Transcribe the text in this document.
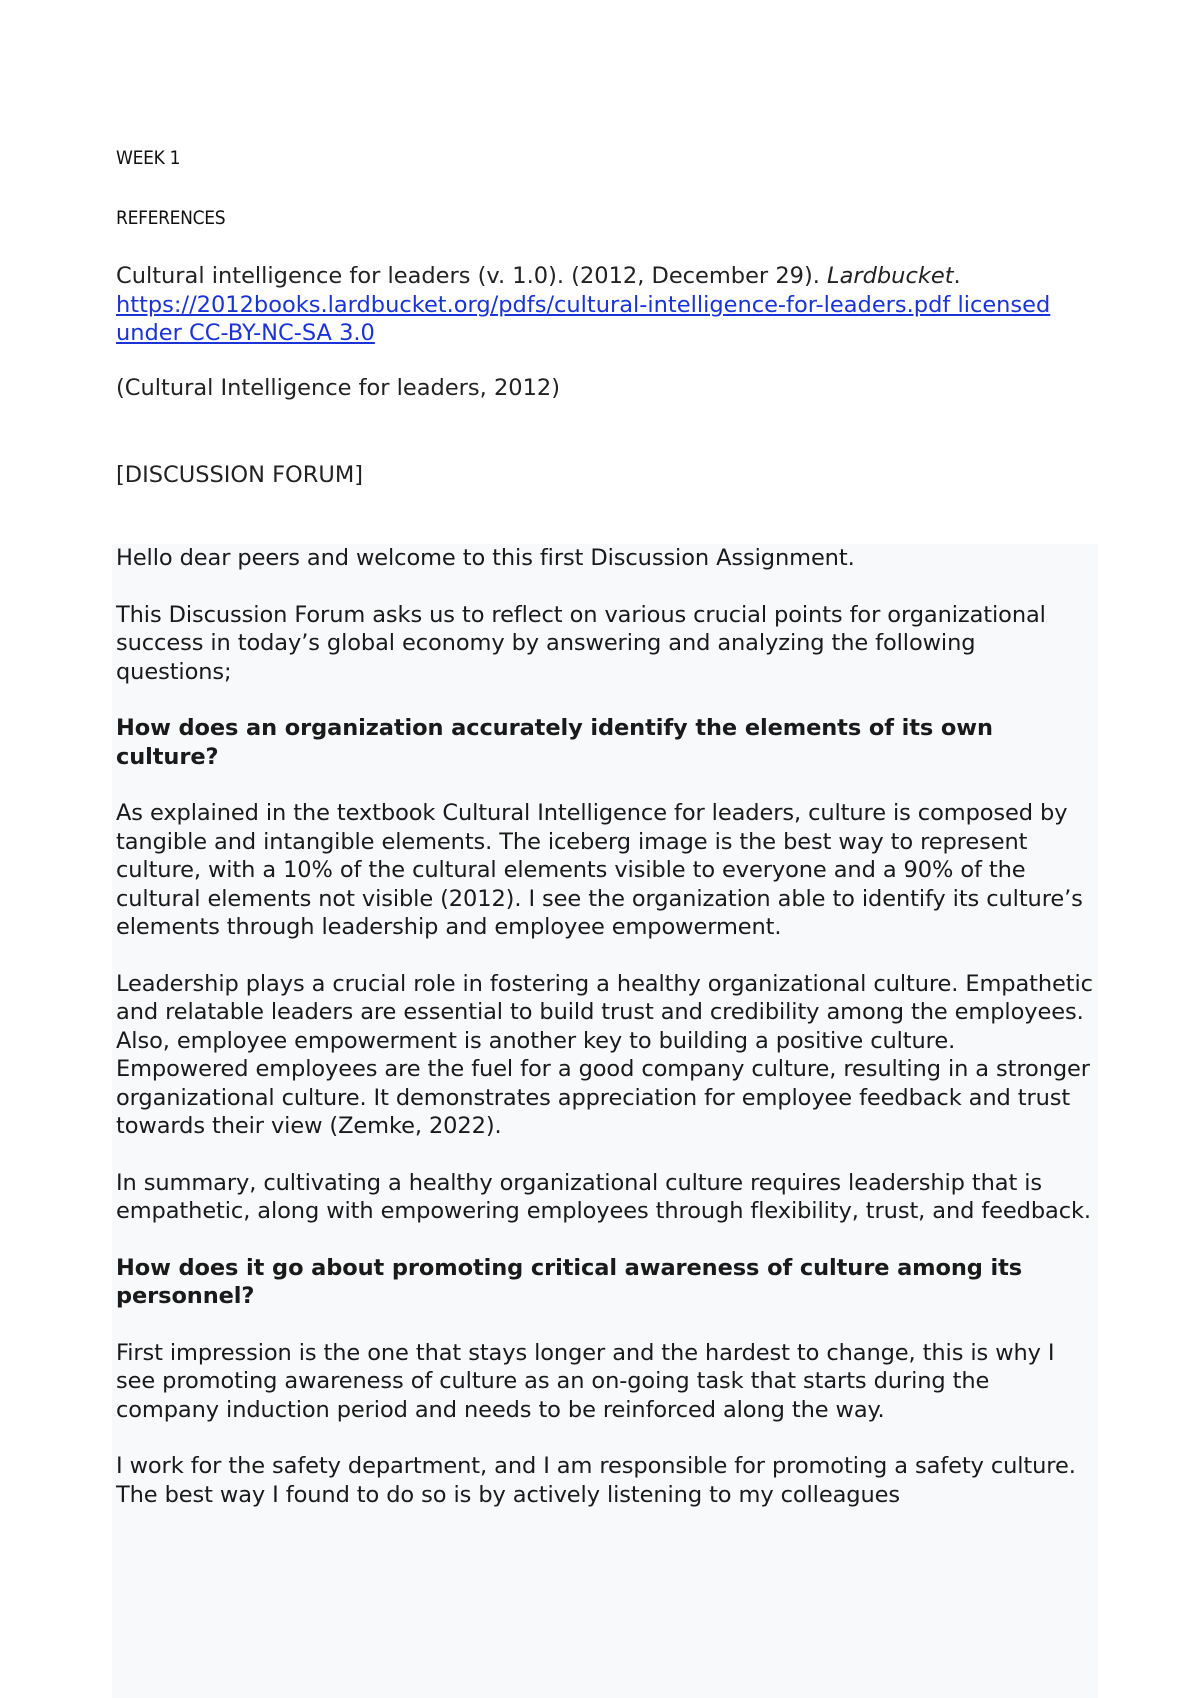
WEEK 1

REFERENCES

Cultural intelligence for leaders (v. 1.0). (2012, December 29). Lardbucket. https://2012books.lardbucket.org/pdfs/cultural-intelligence-for-leaders.pdf licensed under CC-BY-NC-SA 3.0

(Cultural Intelligence for leaders, 2012)

[DISCUSSION FORUM]

Hello dear peers and welcome to this first Discussion Assignment.

This Discussion Forum asks us to reflect on various crucial points for organizational success in today’s global economy by answering and analyzing the following questions;

How does an organization accurately identify the elements of its own culture?

As explained in the textbook Cultural Intelligence for leaders, culture is composed by tangible and intangible elements. The iceberg image is the best way to represent culture, with a 10% of the cultural elements visible to everyone and a 90% of the cultural elements not visible (2012). I see the organization able to identify its culture’s elements through leadership and employee empowerment.

Leadership plays a crucial role in fostering a healthy organizational culture. Empathetic and relatable leaders are essential to build trust and credibility among the employees. Also, employee empowerment is another key to building a positive culture. Empowered employees are the fuel for a good company culture, resulting in a stronger organizational culture. It demonstrates appreciation for employee feedback and trust towards their view (Zemke, 2022).

In summary, cultivating a healthy organizational culture requires leadership that is empathetic, along with empowering employees through flexibility, trust, and feedback.

How does it go about promoting critical awareness of culture among its personnel?

First impression is the one that stays longer and the hardest to change, this is why I see promoting awareness of culture as an on-going task that starts during the company induction period and needs to be reinforced along the way.

I work for the safety department, and I am responsible for promoting a safety culture. The best way I found to do so is by actively listening to my colleagues
